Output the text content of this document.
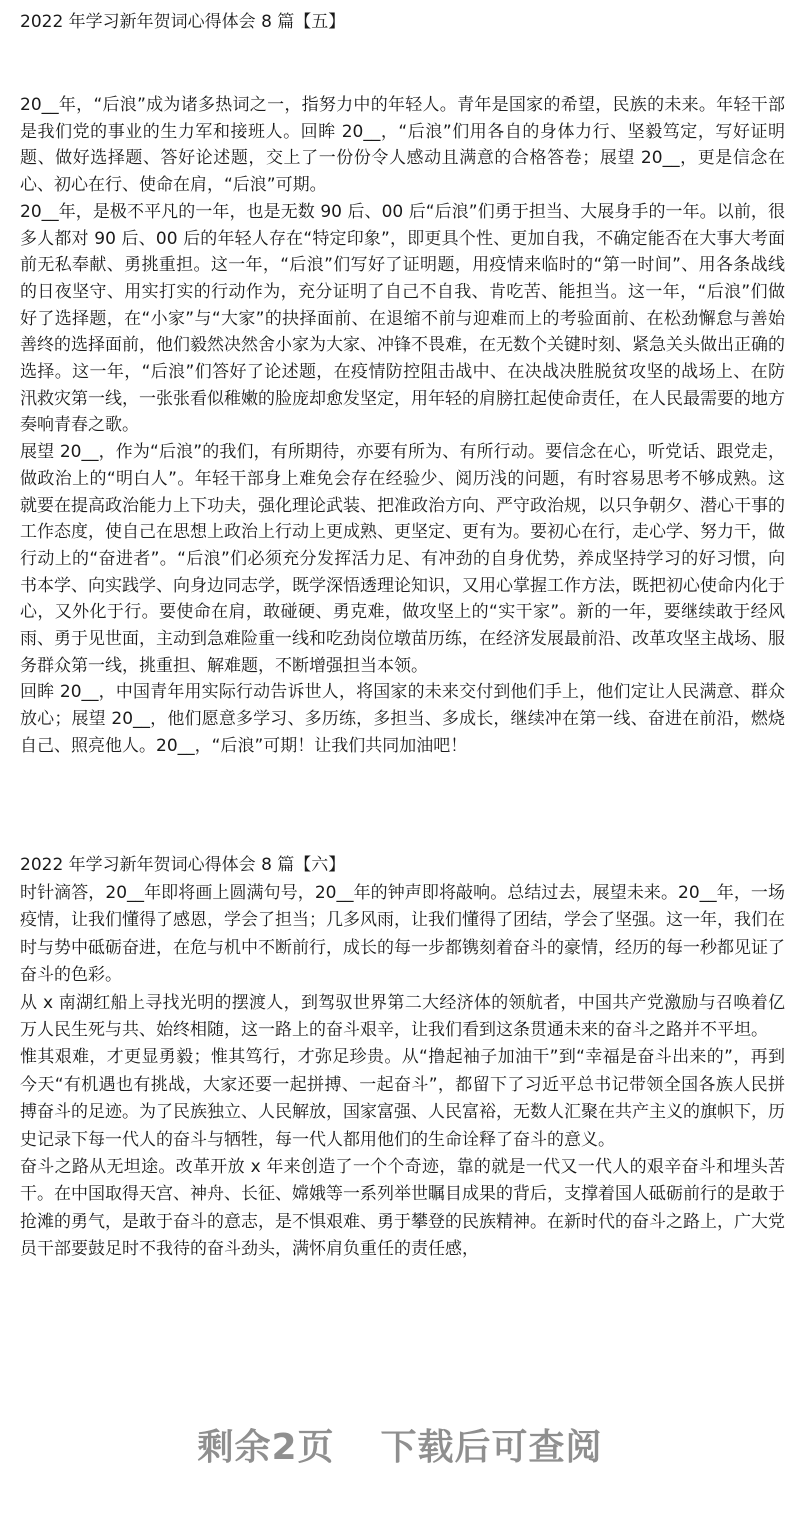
2022 年学习新年贺词心得体会 8 篇【五】

20__年，“后浪”成为诸多热词之一，指努力中的年轻人。青年是国家的希望，民族的未来。年轻干部是我们党的事业的生力军和接班人。回眸 20__，“后浪”们用各自的身体力行、坚毅笃定，写好证明题、做好选择题、答好论述题，交上了一份份令人感动且满意的合格答卷；展望 20__，更是信念在心、初心在行、使命在肩，“后浪”可期。

20__年，是极不平凡的一年，也是无数 90 后、00 后“后浪”们勇于担当、大展身手的一年。以前，很多人都对 90 后、00 后的年轻人存在“特定印象”，即更具个性、更加自我，不确定能否在大事大考面前无私奉献、勇挑重担。这一年，“后浪”们写好了证明题，用疫情来临时的“第一时间”、用各条战线的日夜坚守、用实打实的行动作为，充分证明了自己不自我、肯吃苦、能担当。这一年，“后浪”们做好了选择题，在“小家”与“大家”的抉择面前、在退缩不前与迎难而上的考验面前、在松劲懈怠与善始善终的选择面前，他们毅然决然舍小家为大家、冲锋不畏难，在无数个关键时刻、紧急关头做出正确的选择。这一年，“后浪”们答好了论述题，在疫情防控阻击战中、在决战决胜脱贫攻坚的战场上、在防汛救灾第一线，一张张看似稚嫩的脸庞却愈发坚定，用年轻的肩膀扛起使命责任，在人民最需要的地方奏响青春之歌。

展望 20__，作为“后浪”的我们，有所期待，亦要有所为、有所行动。要信念在心，听党话、跟党走，做政治上的“明白人”。年轻干部身上难免会存在经验少、阅历浅的问题，有时容易思考不够成熟。这就要在提高政治能力上下功夫，强化理论武装、把准政治方向、严守政治规，以只争朝夕、潜心干事的工作态度，使自己在思想上政治上行动上更成熟、更坚定、更有为。要初心在行，走心学、努力干，做行动上的“奋进者”。“后浪”们必须充分发挥活力足、有冲劲的自身优势，养成坚持学习的好习惯，向书本学、向实践学、向身边同志学，既学深悟透理论知识，又用心掌握工作方法，既把初心使命内化于心，又外化于行。要使命在肩，敢碰硬、勇克难，做攻坚上的“实干家”。新的一年，要继续敢于经风雨、勇于见世面，主动到急难险重一线和吃劲岗位墩苗历练，在经济发展最前沿、改革攻坚主战场、服务群众第一线，挑重担、解难题，不断增强担当本领。

回眸 20__，中国青年用实际行动告诉世人，将国家的未来交付到他们手上，他们定让人民满意、群众放心；展望 20__，他们愿意多学习、多历练，多担当、多成长，继续冲在第一线、奋进在前沿，燃烧自己、照亮他人。20__，“后浪”可期！让我们共同加油吧！

2022 年学习新年贺词心得体会 8 篇【六】

时针滴答，20__年即将画上圆满句号，20__年的钟声即将敲响。总结过去，展望未来。20__年，一场疫情，让我们懂得了感恩，学会了担当；几多风雨，让我们懂得了团结，学会了坚强。这一年，我们在时与势中砥砺奋进，在危与机中不断前行，成长的每一步都镌刻着奋斗的豪情，经历的每一秒都见证了奋斗的色彩。

从 x 南湖红船上寻找光明的摆渡人，到驾驭世界第二大经济体的领航者，中国共产党激励与召唤着亿万人民生死与共、始终相随，这一路上的奋斗艰辛，让我们看到这条贯通未来的奋斗之路并不平坦。

惟其艰难，才更显勇毅；惟其笃行，才弥足珍贵。从“撸起袖子加油干”到“幸福是奋斗出来的”，再到今天“有机遇也有挑战，大家还要一起拼搏、一起奋斗”，都留下了习近平总书记带领全国各族人民拼搏奋斗的足迹。为了民族独立、人民解放，国家富强、人民富裕，无数人汇聚在共产主义的旗帜下，历史记录下每一代人的奋斗与牺牲，每一代人都用他们的生命诠释了奋斗的意义。

奋斗之路从无坦途。改革开放 x 年来创造了一个个奇迹，靠的就是一代又一代人的艰辛奋斗和埋头苦干。在中国取得天宫、神舟、长征、嫦娥等一系列举世瞩目成果的背后，支撑着国人砥砺前行的是敢于抢滩的勇气，是敢于奋斗的意志，是不惧艰难、勇于攀登的民族精神。在新时代的奋斗之路上，广大党员干部要鼓足时不我待的奋斗劲头，满怀肩负重任的责任感，

剩余2页 下载后可查阅
